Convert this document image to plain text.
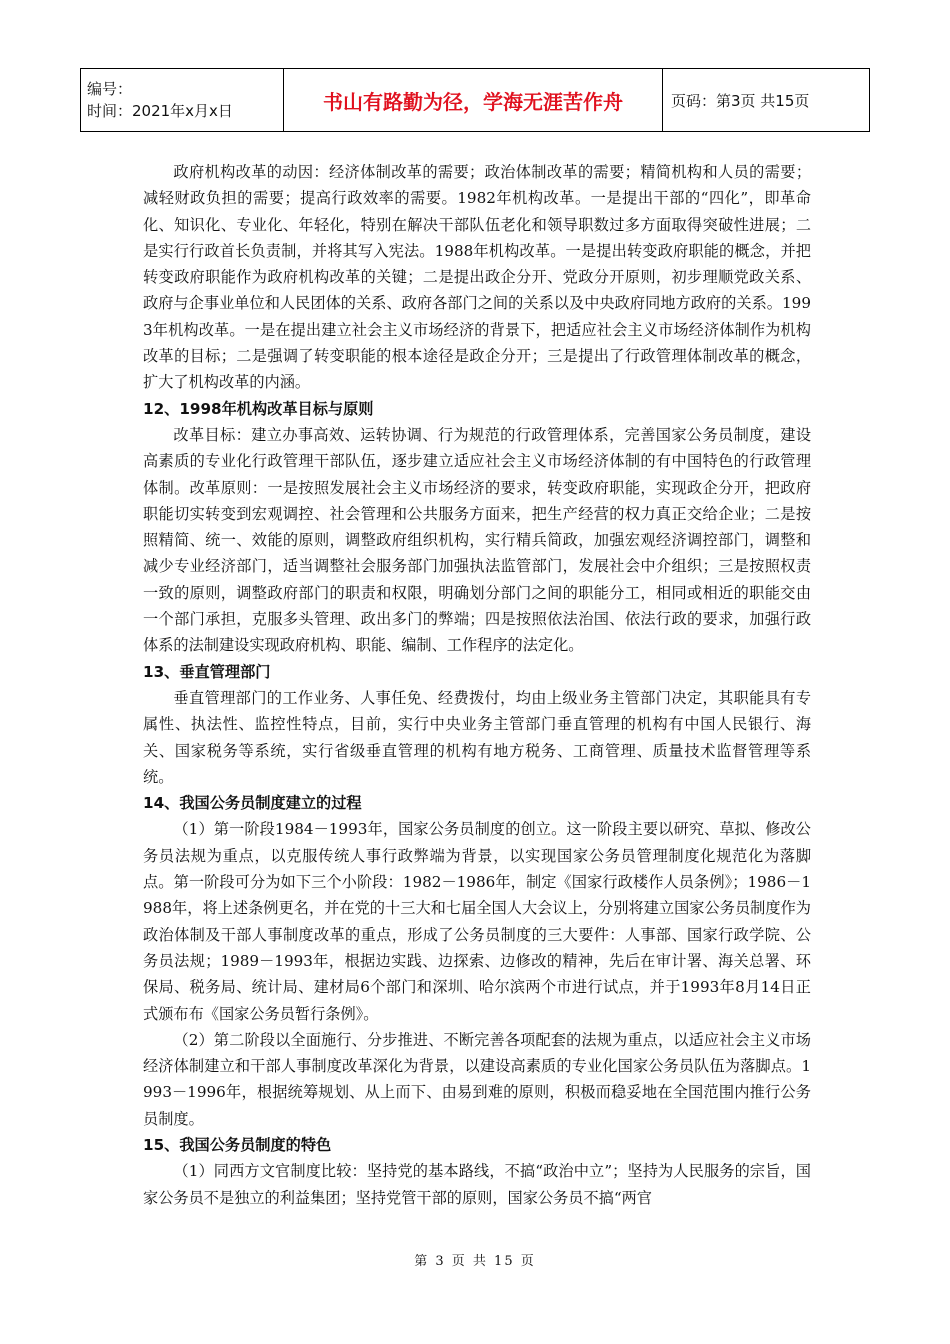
编号：
时间：2021年x月x日	书山有路勤为径，学海无涯苦作舟	页码：第3页 共15页

政府机构改革的动因：经济体制改革的需要；政治体制改革的需要；精简机构和人员的需要；减轻财政负担的需要；提高行政效率的需要。1982年机构改革。一是提出干部的“四化”，即革命化、知识化、专业化、年轻化，特别在解决干部队伍老化和领导职数过多方面取得突破性进展；二是实行行政首长负责制，并将其写入宪法。1988年机构改革。一是提出转变政府职能的概念，并把转变政府职能作为政府机构改革的关键；二是提出政企分开、党政分开原则，初步理顺党政关系、政府与企事业单位和人民团体的关系、政府各部门之间的关系以及中央政府同地方政府的关系。1993年机构改革。一是在提出建立社会主义市场经济的背景下，把适应社会主义市场经济体制作为机构改革的目标；二是强调了转变职能的根本途径是政企分开；三是提出了行政管理体制改革的概念，扩大了机构改革的内涵。

12、1998年机构改革目标与原则

改革目标：建立办事高效、运转协调、行为规范的行政管理体系，完善国家公务员制度，建设高素质的专业化行政管理干部队伍，逐步建立适应社会主义市场经济体制的有中国特色的行政管理体制。改革原则：一是按照发展社会主义市场经济的要求，转变政府职能，实现政企分开，把政府职能切实转变到宏观调控、社会管理和公共服务方面来，把生产经营的权力真正交给企业；二是按照精简、统一、效能的原则，调整政府组织机构，实行精兵简政，加强宏观经济调控部门，调整和减少专业经济部门，适当调整社会服务部门加强执法监管部门，发展社会中介组织；三是按照权责一致的原则，调整政府部门的职责和权限，明确划分部门之间的职能分工，相同或相近的职能交由一个部门承担，克服多头管理、政出多门的弊端；四是按照依法治国、依法行政的要求，加强行政体系的法制建设实现政府机构、职能、编制、工作程序的法定化。

13、垂直管理部门

垂直管理部门的工作业务、人事任免、经费拨付，均由上级业务主管部门决定，其职能具有专属性、执法性、监控性特点，目前，实行中央业务主管部门垂直管理的机构有中国人民银行、海关、国家税务等系统，实行省级垂直管理的机构有地方税务、工商管理、质量技术监督管理等系统。

14、我国公务员制度建立的过程

（1）第一阶段1984－1993年，国家公务员制度的创立。这一阶段主要以研究、草拟、修改公务员法规为重点，以克服传统人事行政弊端为背景，以实现国家公务员管理制度化规范化为落脚点。第一阶段可分为如下三个小阶段：1982－1986年，制定《国家行政楼作人员条例》；1986－1988年，将上述条例更名，并在党的十三大和七届全国人大会议上，分别将建立国家公务员制度作为政治体制及干部人事制度改革的重点，形成了公务员制度的三大要件：人事部、国家行政学院、公务员法规；1989－1993年，根据边实践、边探索、边修改的精神，先后在审计署、海关总署、环保局、税务局、统计局、建材局6个部门和深圳、哈尔滨两个市进行试点，并于1993年8月14日正式颁布布《国家公务员暂行条例》。

（2）第二阶段以全面施行、分步推进、不断完善各项配套的法规为重点，以适应社会主义市场经济体制建立和干部人事制度改革深化为背景，以建设高素质的专业化国家公务员队伍为落脚点。1993－1996年，根据统筹规划、从上而下、由易到难的原则，积极而稳妥地在全国范围内推行公务员制度。

15、我国公务员制度的特色

（1）同西方文官制度比较：坚持党的基本路线，不搞“政治中立”；坚持为人民服务的宗旨，国家公务员不是独立的利益集团；坚持党管干部的原则，国家公务员不搞“两官

第 3 页 共 15 页
